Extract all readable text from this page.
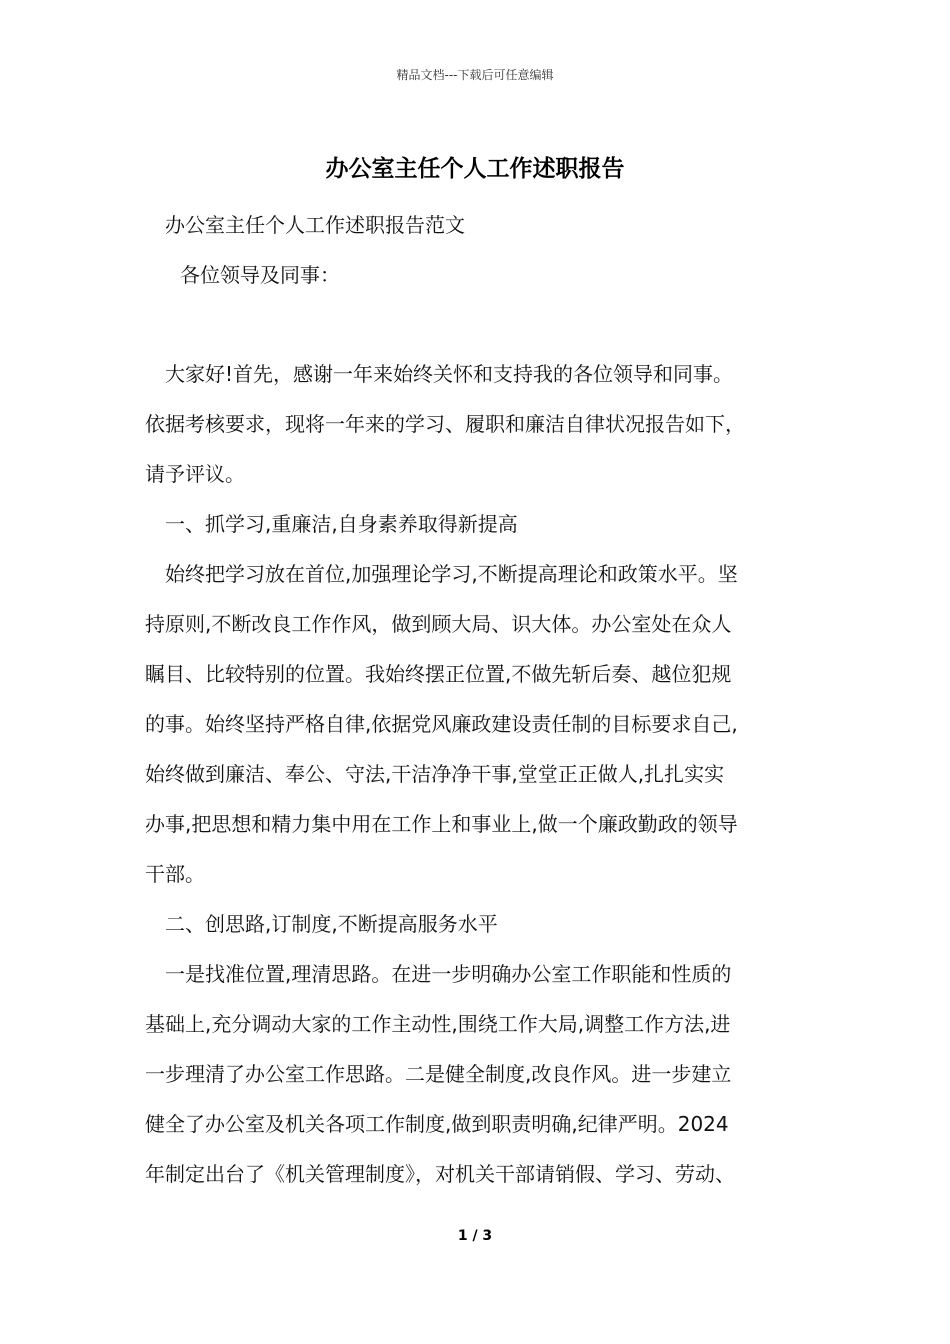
精品文档---下载后可任意编辑
办公室主任个人工作述职报告
办公室主任个人工作述职报告范文
各位领导及同事：
大家好!首先，感谢一年来始终关怀和支持我的各位领导和同事。
依据考核要求，现将一年来的学习、履职和廉洁自律状况报告如下，
请予评议。
一、抓学习,重廉洁,自身素养取得新提高
始终把学习放在首位,加强理论学习,不断提高理论和政策水平。坚
持原则,不断改良工作作风，做到顾大局、识大体。办公室处在众人
瞩目、比较特别的位置。我始终摆正位置,不做先斩后奏、越位犯规
的事。始终坚持严格自律,依据党风廉政建设责任制的目标要求自己,
始终做到廉洁、奉公、守法,干洁净净干事,堂堂正正做人,扎扎实实
办事,把思想和精力集中用在工作上和事业上,做一个廉政勤政的领导
干部。
二、创思路,订制度,不断提高服务水平
一是找准位置,理清思路。在进一步明确办公室工作职能和性质的
基础上,充分调动大家的工作主动性,围绕工作大局,调整工作方法,进
一步理清了办公室工作思路。二是健全制度,改良作风。进一步建立
健全了办公室及机关各项工作制度,做到职责明确,纪律严明。2024
年制定出台了《机关管理制度》，对机关干部请销假、学习、劳动、
1 / 3
